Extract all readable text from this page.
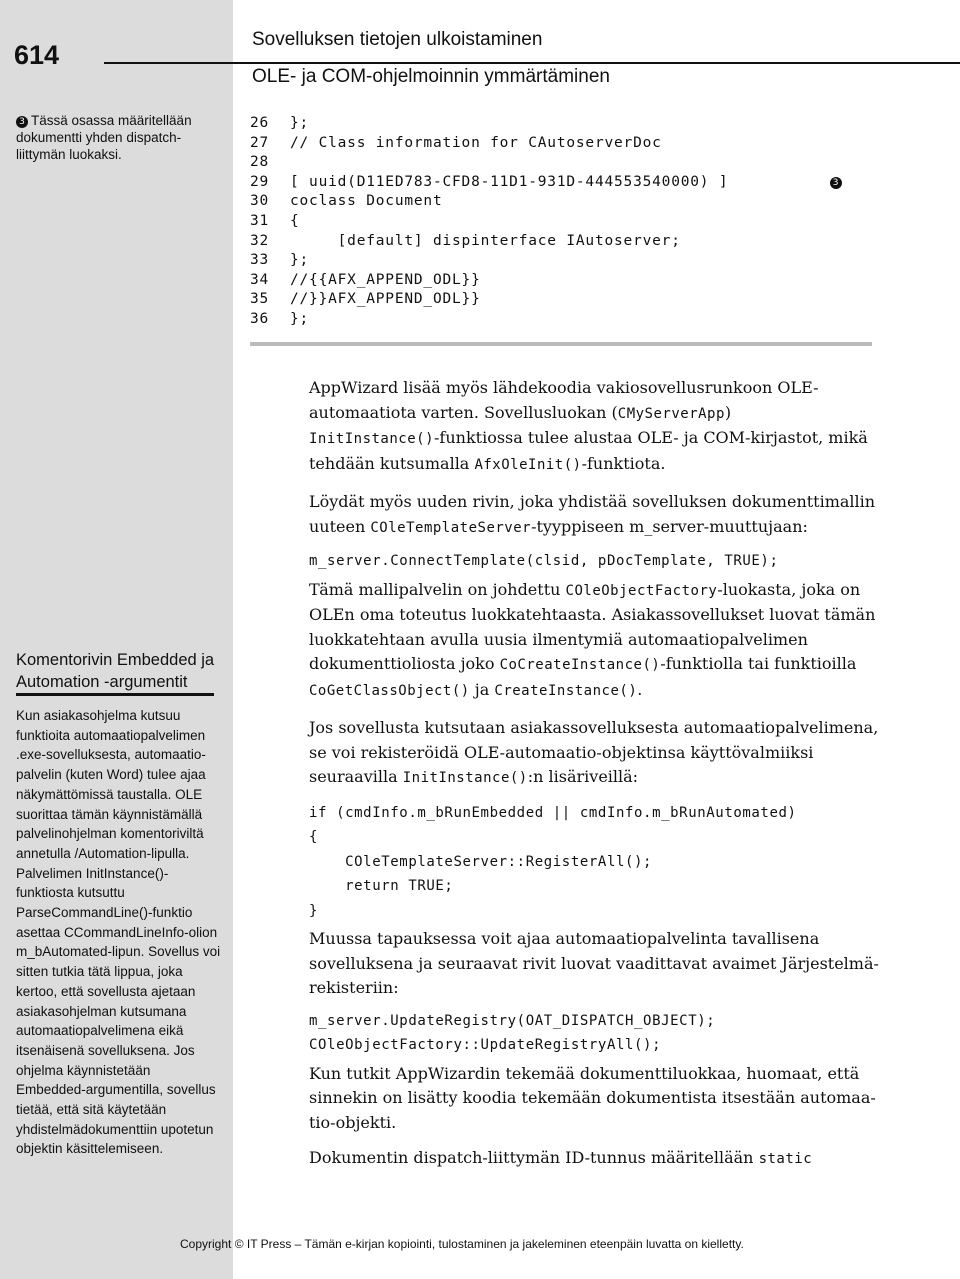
614
Sovelluksen tietojen ulkoistaminen
OLE- ja COM-ohjelmoinnin ymmärtäminen
3 Tässä osassa määritellään dokumentti yhden dispatch-liittymän luokaksi.
26 };
27 // Class information for CAutoserverDoc
28
29 [ uuid(D11ED783-CFD8-11D1-931D-444553540000) ]	3
30 coclass Document
31 {
32     [default] dispinterface IAutoserver;
33 };
34 //{{AFX_APPEND_ODL}}
35 //}}AFX_APPEND_ODL}}
36 };
Komentorivin Embedded ja Automation -argumentit
Kun asiakasohjelma kutsuu funktioita automaatiopalvelimen .exe-sovelluksesta, automaatio-palvelin (kuten Word) tulee ajaa näkymättömissä taustalla. OLE suorittaa tämän käynnistämällä palvelinohjelman komentoriviltä annetulla /Automation-lipulla. Palvelimen InitInstance()-funktiosta kutsuttu ParseCommandLine()-funktio asettaa CCommandLineInfo-olion m_bAutomated-lipun. Sovellus voi sitten tutkia tätä lippua, joka kertoo, että sovellusta ajetaan asiakasohjelman kutsumana automaatiopalvelimena eikä itsenäisenä sovelluksena. Jos ohjelma käynnistetään Embedded-argumentilla, sovellus tietää, että sitä käytetään yhdistelmädokumenttiin upotetun objektin käsittelemiseen.

AppWizard lisää myös lähdekoodia vakiosovellusrunkoon OLE-automaatiota varten. Sovellusluokan (CMyServerApp)
InitInstance()-funktiossa tulee alustaa OLE- ja COM-kirjastot, mikä tehdään kutsumalla AfxOleInit()-funktiota.

Löydät myös uuden rivin, joka yhdistää sovelluksen dokumenttimallin uuteen COleTemplateServer-tyyppiseen m_server-muuttujaan:

m_server.ConnectTemplate(clsid, pDocTemplate, TRUE);

Tämä mallipalvelin on johdettu COleObjectFactory-luokasta, joka on OLEn oma toteutus luokkatehtaasta. Asiakassovellukset luovat tämän luokkatehtaan avulla uusia ilmentymiä automaatiopalvelimen dokumenttioliosta joko CoCreateInstance()-funktiolla tai funktioilla CoGetClassObject() ja CreateInstance().

Jos sovellusta kutsutaan asiakassovelluksesta automaatiopalvelimena, se voi rekisteröidä OLE-automaatio-objektinsa käyttövalmiiksi seuraavilla InitInstance():n lisäriveillä:

if (cmdInfo.m_bRunEmbedded || cmdInfo.m_bRunAutomated)
{
COleTemplateServer::RegisterAll();
return TRUE;
}

Muussa tapauksessa voit ajaa automaatiopalvelinta tavallisena sovelluksena ja seuraavat rivit luovat vaadittavat avaimet Järjestelmä-rekisteriin:

m_server.UpdateRegistry(OAT_DISPATCH_OBJECT);
COleObjectFactory::UpdateRegistryAll();

Kun tutkit AppWizardin tekemää dokumenttiluokkaa, huomaat, että sinnekin on lisätty koodia tekemään dokumentista itsestään automaa-tio-objekti.

Dokumentin dispatch-liittymän ID-tunnus määritellään static

Copyright © IT Press – Tämän e-kirjan kopiointi, tulostaminen ja jakeleminen eteenpäin luvatta on kielletty.
